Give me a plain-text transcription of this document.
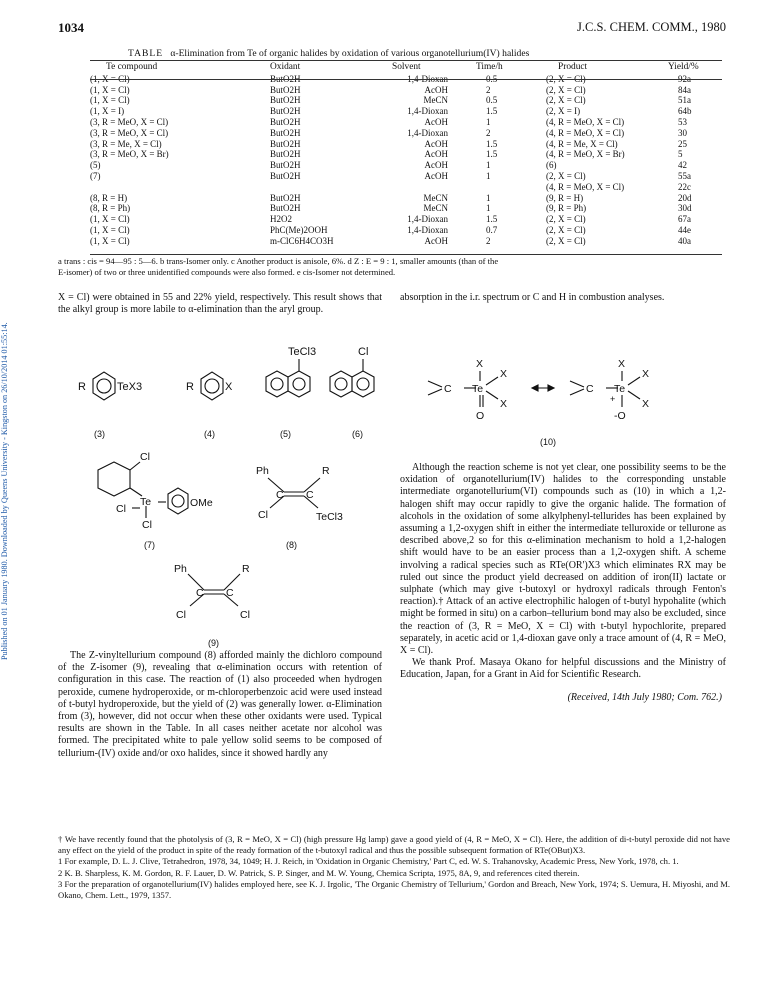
Published on 01 January 1980. Downloaded by Queens University - Kingston on 26/10/2014 01:55:14.
1034	J.C.S. CHEM. COMM., 1980
TABLE α-Elimination from Te of organic halides by oxidation of various organotellurium(IV) halides
Te compound	Oxidant	Solvent	Time/h	Product	Yield/%
(1, X = Cl)	ButO2H	1,4-Dioxan	0.5	(2, X = Cl)	92a
(1, X = Cl)	ButO2H	AcOH	2	(2, X = Cl)	84a
(1, X = Cl)	ButO2H	MeCN	0.5	(2, X = Cl)	51a
(1, X = I)	ButO2H	1,4-Dioxan	1.5	(2, X = I)	64b
(3, R = MeO, X = Cl)	ButO2H	AcOH	1	(4, R = MeO, X = Cl)	53
(3, R = MeO, X = Cl)	ButO2H	1,4-Dioxan	2	(4, R = MeO, X = Cl)	30
(3, R = Me, X = Cl)	ButO2H	AcOH	1.5	(4, R = Me, X = Cl)	25
(3, R = MeO, X = Br)	ButO2H	AcOH	1.5	(4, R = MeO, X = Br)	5
(5)	ButO2H	AcOH	1	(6)	42
(7)	ButO2H	AcOH	1	(2, X = Cl)	55a
				(4, R = MeO, X = Cl)	22c
(8, R = H)	ButO2H	MeCN	1	(9, R = H)	20d
(8, R = Ph)	ButO2H	MeCN	1	(9, R = Ph)	30d
(1, X = Cl)	H2O2	1,4-Dioxan	1.5	(2, X = Cl)	67a
(1, X = Cl)	PhC(Me)2OOH	1,4-Dioxan	0.7	(2, X = Cl)	44e
(1, X = Cl)	m-ClC6H4CO3H	AcOH	2	(2, X = Cl)	40a
a trans : cis = 94—95 : 5—6. b trans-Isomer only. c Another product is anisole, 6%. d Z : E = 9 : 1, smaller amounts (than of the
E-isomer) of two or three unidentified compounds were also formed. e cis-Isomer not determined.

X = Cl) were obtained in 55 and 22% yield, respectively. This result shows that the alkyl group is more labile to α-elimination than the aryl group.

absorption in the i.r. spectrum or C and H in combustion analyses.

R	TeX3	R	X
TeCl3	Cl
(3)	(4)	(5)	(6)
Cl
Te
Cl
Cl
OMe
Ph	R
C C
Cl	TeCl3
(7)	(8)
Ph	R
C C
Cl	Cl
(9)
X
X
C Te
X
O
X
X
C Te
+	X
-O
(10)

The Z-vinyltellurium compound (8) afforded mainly the dichloro compound of the Z-isomer (9), revealing that α-elimination occurs with retention of configuration in this case. The reaction of (1) also proceeded when hydrogen peroxide, cumene hydroperoxide, or m-chloroperbenzoic acid were used instead of t-butyl hydroperoxide, but the yield of (2) was generally lower. α-Elimination from (3), however, did not occur when these other oxidants were used. Typical results are shown in the Table. In all cases neither acetate nor alcohol was formed. The precipitated white to pale yellow solid seems to be composed of tellurium-(IV) oxide and/or oxo halides, since it showed hardly any

Although the reaction scheme is not yet clear, one possibility seems to be the oxidation of organotellurium(IV) halides to the corresponding unstable intermediate organotellurium(VI) compounds such as (10) in which a 1,2-halogen shift may occur rapidly to give the organic halide. The formation of alcohols in the oxidation of some alkylphenyl-tellurides has been explained by assuming a 1,2-oxygen shift in either the intermediate telluroxide or tellurone as described above,2 so for this α-elimination mechanism to hold a 1,2-halogen shift would have to be an easier process than a 1,2-oxygen shift. A scheme involving a radical species such as RTe(OR')X3 which eliminates RX may be ruled out since the product yield decreased on addition of iron(II) lactate or sulphate (which may give t-butoxyl or hydroxyl radicals through Fenton's reaction).† Attack of an active electrophilic halogen of t-butyl hypohalite (which might be formed in situ) on a carbon–tellurium bond may also be excluded, since the reaction of (3, R = MeO, X = Cl) with t-butyl hypochlorite, prepared separately, in acetic acid or 1,4-dioxan gave only a trace amount of (4, R = MeO, X = Cl).

We thank Prof. Masaya Okano for helpful discussions and the Ministry of Education, Japan, for a Grant in Aid for Scientific Research.

(Received, 14th July 1980; Com. 762.)

† We have recently found that the photolysis of (3, R = MeO, X = Cl) (high pressure Hg lamp) gave a good yield of (4, R = MeO, X = Cl). Here, the addition of di-t-butyl peroxide did not have any effect on the yield of the product in spite of the ready formation of the t-butoxyl radical and thus the possible subsequent formation of RTe(OBut)X3.

1 For example, D. L. J. Clive, Tetrahedron, 1978, 34, 1049; H. J. Reich, in 'Oxidation in Organic Chemistry,' Part C, ed. W. S. Trahanovsky, Academic Press, New York, 1978, ch. 1.

2 K. B. Sharpless, K. M. Gordon, R. F. Lauer, D. W. Patrick, S. P. Singer, and M. W. Young, Chemica Scripta, 1975, 8A, 9, and references cited therein.

3 For the preparation of organotellurium(IV) halides employed here, see K. J. Irgolic, 'The Organic Chemistry of Tellurium,' Gordon and Breach, New York, 1974; S. Uemura, H. Miyoshi, and M. Okano, Chem. Lett., 1979, 1357.
